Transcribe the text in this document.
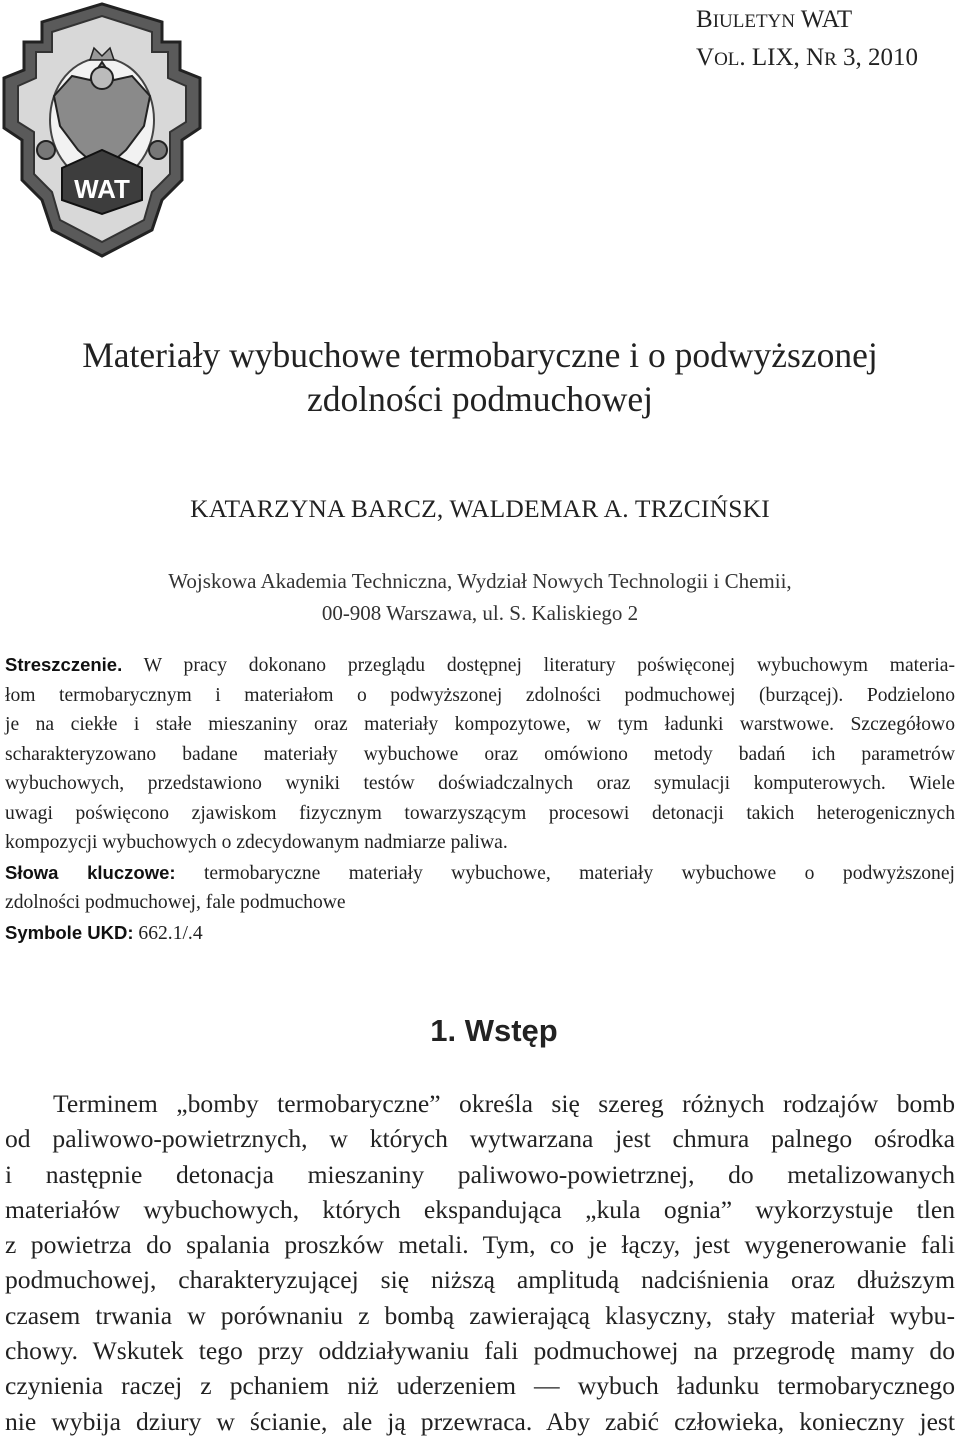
WAT
BIULETYN WAT
VOL. LIX, NR 3, 2010
Materiały wybuchowe termobaryczne i o podwyższonej
zdolności podmuchowej
KATARZYNA BARCZ, WALDEMAR A. TRZCIŃSKI
Wojskowa Akademia Techniczna, Wydział Nowych Technologii i Chemii,
00-908 Warszawa, ul. S. Kaliskiego 2
Streszczenie. W pracy dokonano przeglądu dostępnej literatury poświęconej wybuchowym materia-
łom termobarycznym i materiałom o podwyższonej zdolności podmuchowej (burzącej). Podzielono
je na ciekłe i stałe mieszaniny oraz materiały kompozytowe, w tym ładunki warstwowe. Szczegółowo
scharakteryzowano badane materiały wybuchowe oraz omówiono metody badań ich parametrów
wybuchowych, przedstawiono wyniki testów doświadczalnych oraz symulacji komputerowych. Wiele
uwagi poświęcono zjawiskom fizycznym towarzyszącym procesowi detonacji takich heterogenicznych
kompozycji wybuchowych o zdecydowanym nadmiarze paliwa.
Słowa kluczowe: termobaryczne materiały wybuchowe, materiały wybuchowe o podwyższonej
zdolności podmuchowej, fale podmuchowe
Symbole UKD: 662.1/.4
1. Wstęp
Terminem „bomby termobaryczne” określa się szereg różnych rodzajów bomb
od paliwowo-powietrznych, w których wytwarzana jest chmura palnego ośrodka
i następnie detonacja mieszaniny paliwowo-powietrznej, do metalizowanych
materiałów wybuchowych, których ekspandująca „kula ognia” wykorzystuje tlen
z powietrza do spalania proszków metali. Tym, co je łączy, jest wygenerowanie fali
podmuchowej, charakteryzującej się niższą amplitudą nadciśnienia oraz dłuższym
czasem trwania w porównaniu z bombą zawierającą klasyczny, stały materiał wybu-
chowy. Wskutek tego przy oddziaływaniu fali podmuchowej na przegrodę mamy do
czynienia raczej z pchaniem niż uderzeniem — wybuch ładunku termobarycznego
nie wybija dziury w ścianie, ale ją przewraca. Aby zabić człowieka, konieczny jest
